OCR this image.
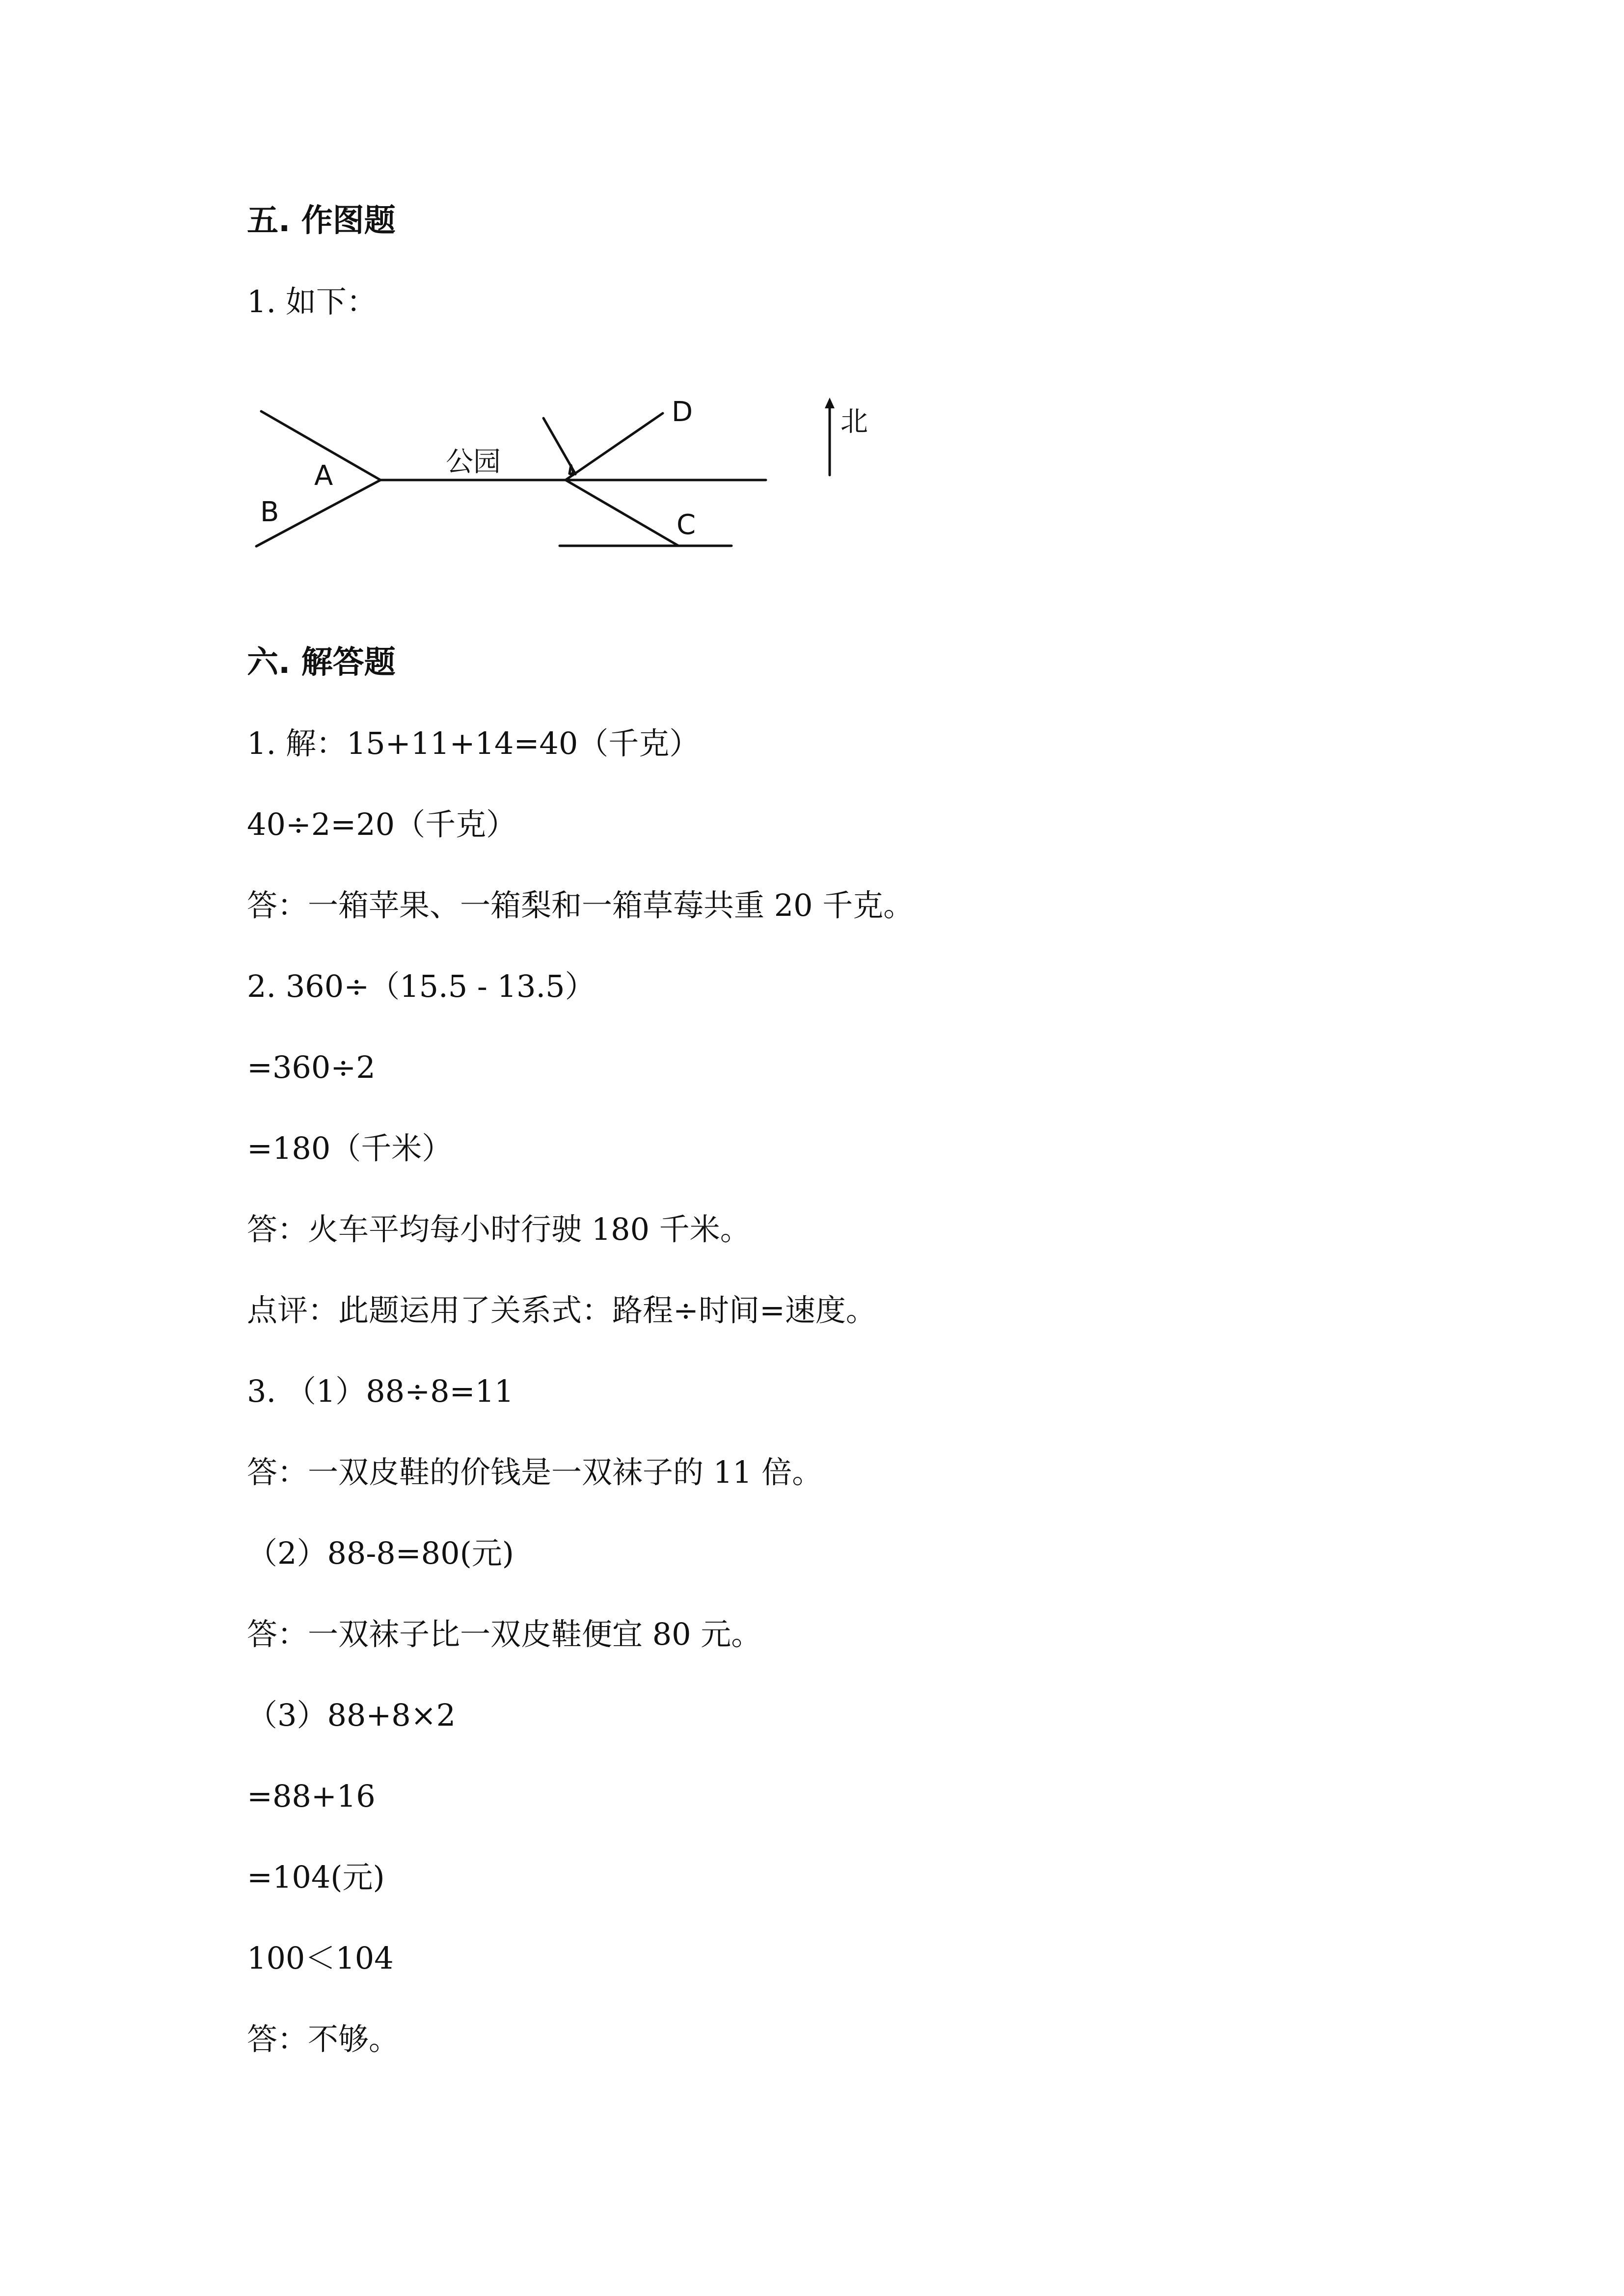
五. 作图题
1. 如下：
A
B
公园
D
C
北
六. 解答题
1. 解：15+11+14=40（千克）
40÷2=20（千克）
答：一箱苹果、一箱梨和一箱草莓共重 20 千克。
2. 360÷（15.5 - 13.5）
=360÷2
=180（千米）
答：火车平均每小时行驶 180 千米。
点评：此题运用了关系式：路程÷时间=速度。
3. （1）88÷8=11
答：一双皮鞋的价钱是一双袜子的 11 倍。
（2）88-8=80(元)
答：一双袜子比一双皮鞋便宜 80 元。
（3）88+8×2
=88+16
=104(元)
100＜104
答：不够。
